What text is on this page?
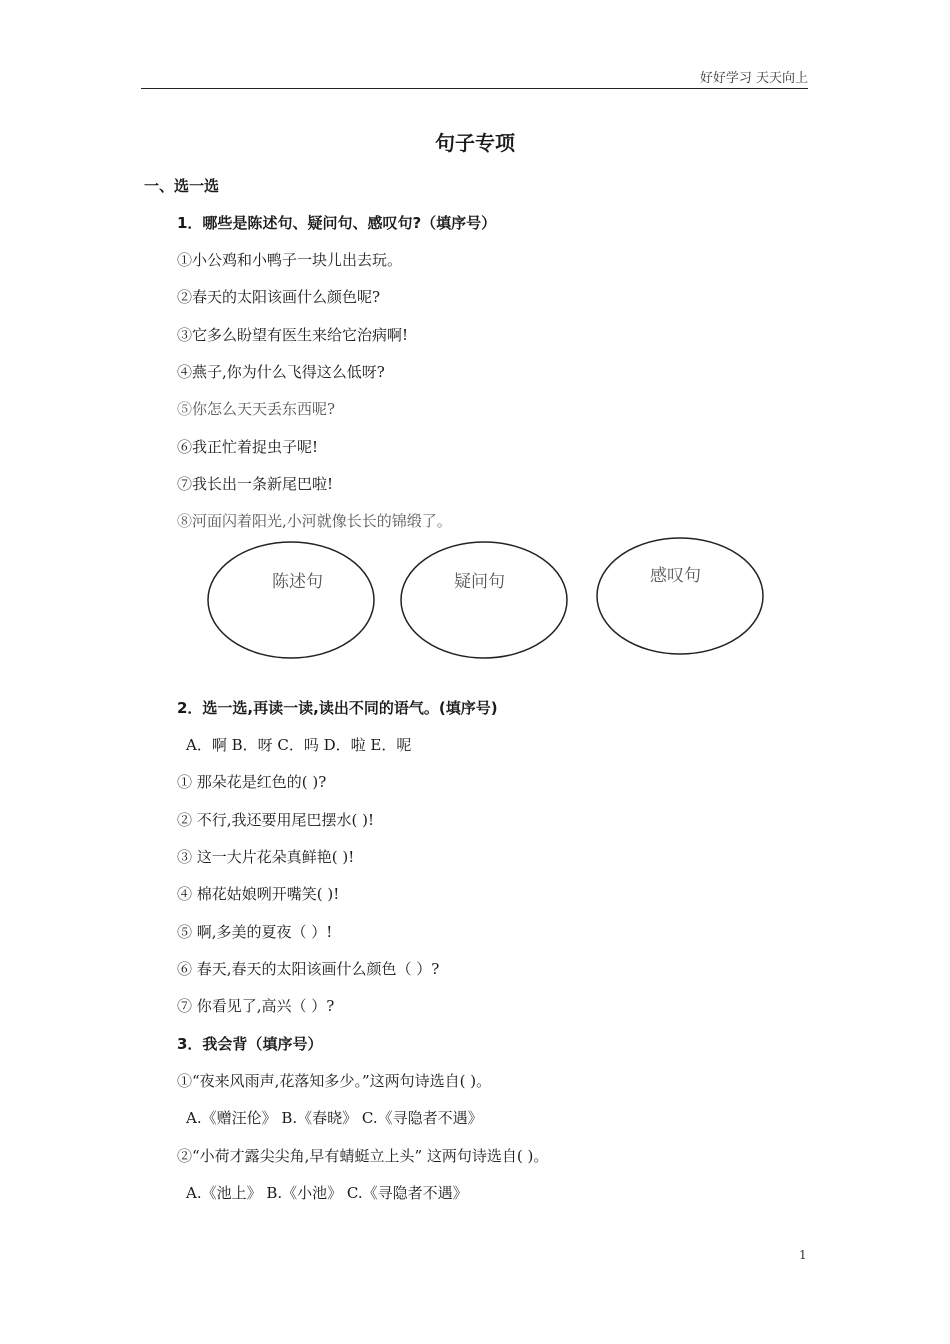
好好学习 天天向上
句子专项
一、选一选
1．哪些是陈述句、疑问句、感叹句?（填序号）
①小公鸡和小鸭子一块儿出去玩。
②春天的太阳该画什么颜色呢?
③它多么盼望有医生来给它治病啊!
④燕子,你为什么飞得这么低呀?
⑤你怎么天天丢东西呢?
⑥我正忙着捉虫子呢!
⑦我长出一条新尾巴啦!
⑧河面闪着阳光,小河就像长长的锦缎了。
陈述句	疑问句	感叹句
2．选一选,再读一读,读出不同的语气。(填序号)
A．啊 B．呀 C．吗 D．啦 E．呢
① 那朵花是红色的( )?
② 不行,我还要用尾巴摆水( )!
③ 这一大片花朵真鲜艳( )!
④ 棉花姑娘咧开嘴笑( )!
⑤ 啊,多美的夏夜（ ）!
⑥ 春天,春天的太阳该画什么颜色（ ）?
⑦ 你看见了,高兴（ ）?
3．我会背（填序号）
①“夜来风雨声,花落知多少。”这两句诗选自( )。
A.《赠汪伦》 B.《春晓》 C.《寻隐者不遇》
②“小荷才露尖尖角,早有蜻蜓立上头” 这两句诗选自( )。
A.《池上》 B.《小池》 C.《寻隐者不遇》
1
